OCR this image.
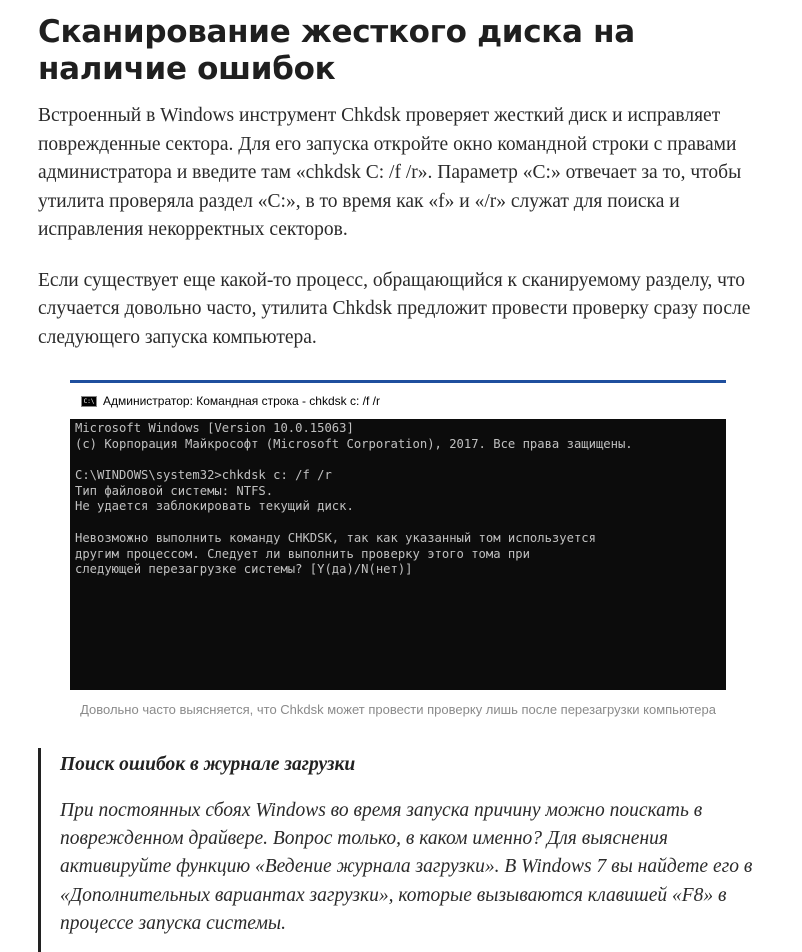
Сканирование жесткого диска на наличие ошибок

Встроенный в Windows инструмент Chkdsk проверяет жесткий диск и исправляет поврежденные сектора. Для его запуска откройте окно командной строки с правами администратора и введите там «chkdsk C: /f /r». Параметр «C:» отвечает за то, чтобы утилита проверяла раздел «C:», в то время как «f» и «/r» служат для поиска и исправления некорректных секторов.

Если существует еще какой-то процесс, обращающийся к сканируемому разделу, что случается довольно часто, утилита Chkdsk предложит провести проверку сразу после следующего запуска компьютера.

C:\ Администратор: Командная строка - chkdsk c: /f /r
Microsoft Windows [Version 10.0.15063]
(c) Корпорация Майкрософт (Microsoft Corporation), 2017. Все права защищены.
C:\WINDOWS\system32>chkdsk c: /f /r
Тип файловой системы: NTFS.
Не удается заблокировать текущий диск.
Невозможно выполнить команду CHKDSK, так как указанный том используется
другим процессом. Следует ли выполнить проверку этого тома при
следующей перезагрузке системы? [Y(да)/N(нет)]
Довольно часто выясняется, что Chkdsk может провести проверку лишь после перезагрузки компьютера

Поиск ошибок в журнале загрузки

При постоянных сбоях Windows во время запуска причину можно поискать в поврежденном драйвере. Вопрос только, в каком именно? Для выяснения активируйте функцию «Ведение журнала загрузки». В Windows 7 вы найдете его в «Дополнительных вариантах загрузки», которые вызываются клавишей «F8» в процессе запуска системы.
